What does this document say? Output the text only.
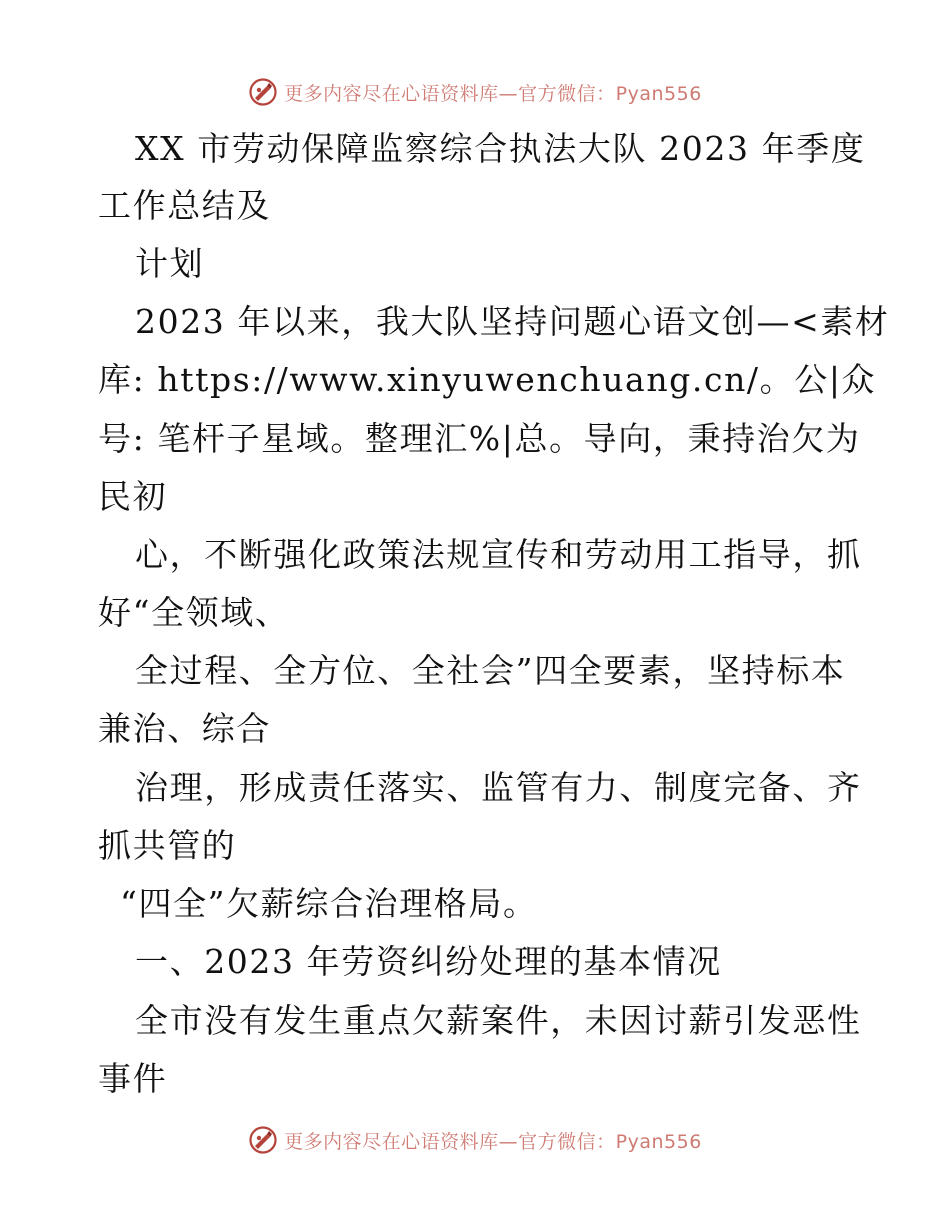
更多内容尽在心语资料库—官方微信：Pyan556
XX 市劳动保障监察综合执法大队 2023 年季度
工作总结及
计划
2023 年以来，我大队坚持问题心语文创—<素材
库: https://www.xinyuwenchuang.cn/。公|众
号: 笔杆子星域。整理汇%|总。导向，秉持治欠为
民初
心，不断强化政策法规宣传和劳动用工指导，抓
好“全领域、
全过程、全方位、全社会”四全要素，坚持标本
兼治、综合
治理，形成责任落实、监管有力、制度完备、齐
抓共管的
“四全”欠薪综合治理格局。
一、2023 年劳资纠纷处理的基本情况
全市没有发生重点欠薪案件，未因讨薪引发恶性
事件
更多内容尽在心语资料库—官方微信：Pyan556
